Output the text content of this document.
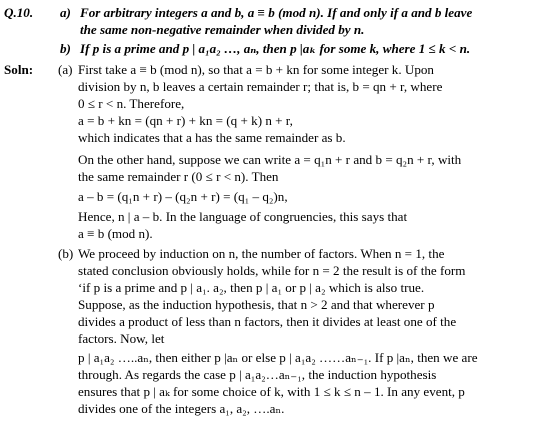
Q.10. a) For arbitrary integers a and b, a ≡ b (mod n). If and only if a and b leave
the same non-negative remainder when divided by n.
b) If p is a prime and p | a₁a₂ …, aₙ, then p |aₖ for some k, where 1 ≤ k < n.
Soln: (a) First take a ≡ b (mod n), so that a = b + kn for some integer k. Upon
division by n, b leaves a certain remainder r; that is, b = qn + r, where
0 ≤ r < n. Therefore,
a = b + kn = (qn + r) + kn = (q + k) n + r,
which indicates that a has the same remainder as b.
On the other hand, suppose we can write a = q₁n + r and b = q₂n + r, with
the same remainder r (0 ≤ r < n). Then
a – b = (q₁n + r) – (q₂n + r) = (q₁ – q₂)n,
Hence, n | a – b. In the language of congruencies, this says that
a ≡ b (mod n).
(b) We proceed by induction on n, the number of factors. When n = 1, the
stated conclusion obviously holds, while for n = 2 the result is of the form
‘if p is a prime and p | a₁. a₂, then p | a₁ or p | a₂ which is also true.
Suppose, as the induction hypothesis, that n > 2 and that wherever p
divides a product of less than n factors, then it divides at least one of the
factors. Now, let
p | a₁a₂ …..aₙ, then either p |aₙ or else p | a₁a₂ ……aₙ₋₁. If p |aₙ, then we are
through. As regards the case p | a₁a₂…aₙ₋₁, the induction hypothesis
ensures that p | aₖ for some choice of k, with 1 ≤ k ≤ n – 1. In any event, p
divides one of the integers a₁, a₂, ….aₙ.
